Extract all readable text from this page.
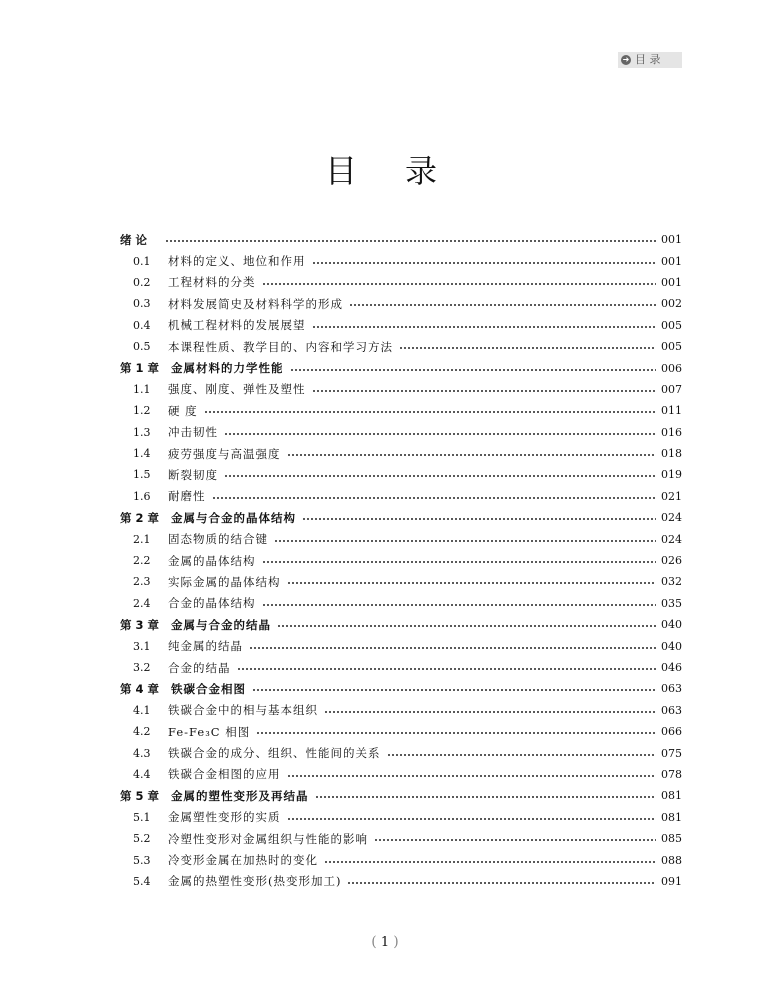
➜ 目 录
目　录
绪 论	001
0.1	材料的定义、地位和作用	001
0.2	工程材料的分类	001
0.3	材料发展简史及材料科学的形成	002
0.4	机械工程材料的发展展望	005
0.5	本课程性质、教学目的、内容和学习方法	005
第 1 章	金属材料的力学性能	006
1.1	强度、刚度、弹性及塑性	007
1.2	硬 度	011
1.3	冲击韧性	016
1.4	疲劳强度与高温强度	018
1.5	断裂韧度	019
1.6	耐磨性	021
第 2 章	金属与合金的晶体结构	024
2.1	固态物质的结合键	024
2.2	金属的晶体结构	026
2.3	实际金属的晶体结构	032
2.4	合金的晶体结构	035
第 3 章	金属与合金的结晶	040
3.1	纯金属的结晶	040
3.2	合金的结晶	046
第 4 章	铁碳合金相图	063
4.1	铁碳合金中的相与基本组织	063
4.2	Fe-Fe₃C 相图	066
4.3	铁碳合金的成分、组织、性能间的关系	075
4.4	铁碳合金相图的应用	078
第 5 章	金属的塑性变形及再结晶	081
5.1	金属塑性变形的实质	081
5.2	冷塑性变形对金属组织与性能的影响	085
5.3	冷变形金属在加热时的变化	088
5.4	金属的热塑性变形(热变形加工)	091
( 1 )
